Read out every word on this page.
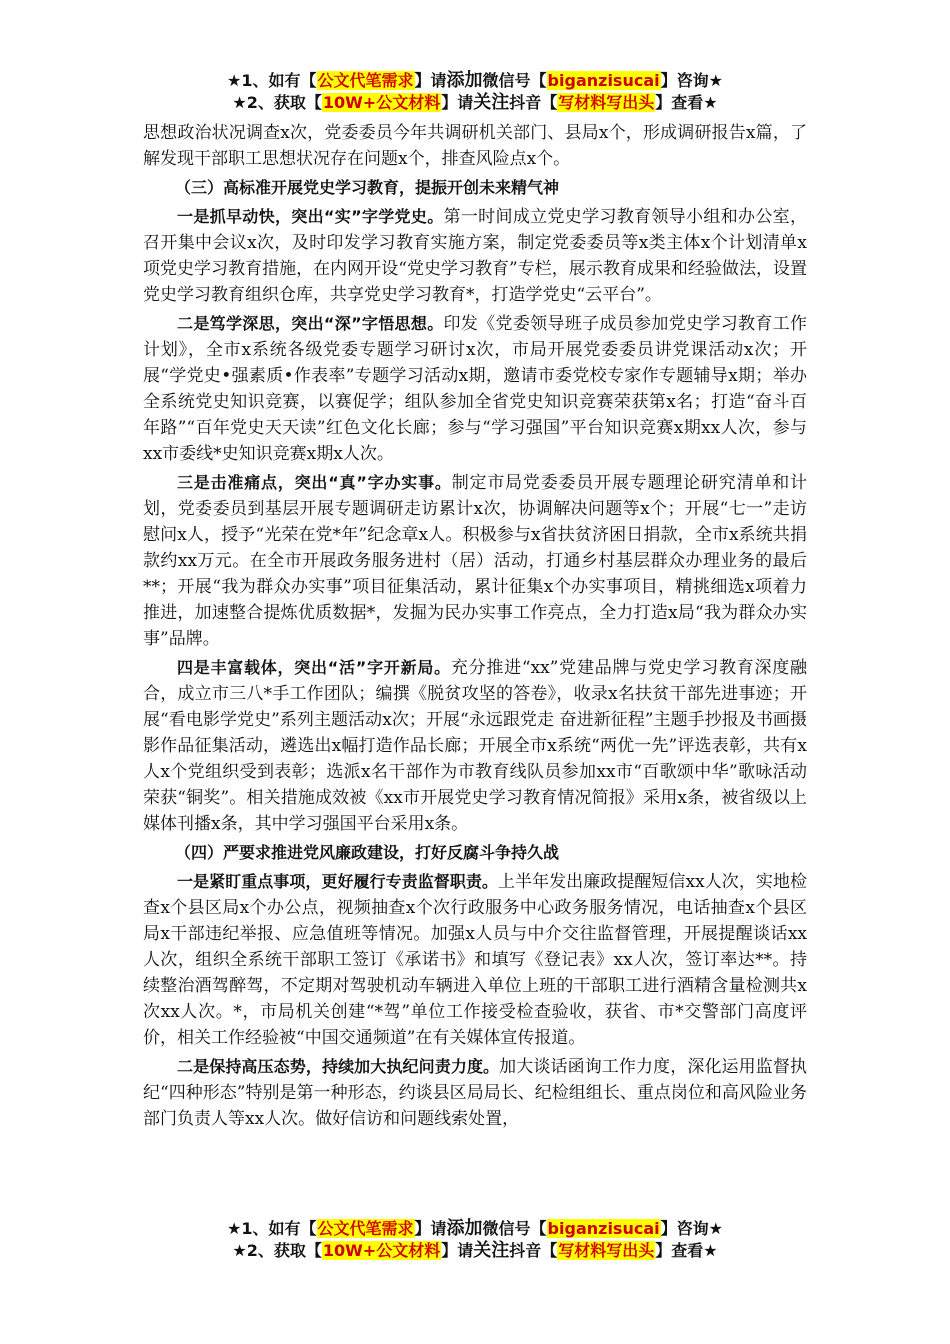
★1、如有【公文代笔需求】请添加微信号【biganzisucai】咨询★
★2、获取【10W+公文材料】请关注抖音【写材料写出头】查看★

思想政治状况调查x次，党委委员今年共调研机关部门、县局x个，形成调研报告x篇，了解发现干部职工思想状况存在问题x个，排查风险点x个。

（三）高标准开展党史学习教育，提振开创未来精气神

一是抓早动快，突出“实”字学党史。第一时间成立党史学习教育领导小组和办公室，召开集中会议x次，及时印发学习教育实施方案，制定党委委员等x类主体x个计划清单x项党史学习教育措施，在内网开设“党史学习教育”专栏，展示教育成果和经验做法，设置党史学习教育组织仓库，共享党史学习教育*，打造学党史“云平台”。

二是笃学深思，突出“深”字悟思想。印发《党委领导班子成员参加党史学习教育工作计划》，全市x系统各级党委专题学习研讨x次，市局开展党委委员讲党课活动x次；开展“学党史•强素质•作表率”专题学习活动x期，邀请市委党校专家作专题辅导x期；举办全系统党史知识竞赛，以赛促学；组队参加全省党史知识竞赛荣获第x名；打造“奋斗百年路”“百年党史天天读”红色文化长廊；参与“学习强国”平台知识竞赛x期xx人次，参与xx市委线*史知识竞赛x期x人次。

三是击准痛点，突出“真”字办实事。制定市局党委委员开展专题理论研究清单和计划，党委委员到基层开展专题调研走访累计x次，协调解决问题等x个；开展“七一”走访慰问x人，授予“光荣在党*年”纪念章x人。积极参与x省扶贫济困日捐款，全市x系统共捐款约xx万元。在全市开展政务服务进村（居）活动，打通乡村基层群众办理业务的最后**；开展“我为群众办实事”项目征集活动，累计征集x个办实事项目，精挑细选x项着力推进，加速整合提炼优质数据*，发掘为民办实事工作亮点，全力打造x局“我为群众办实事”品牌。

四是丰富载体，突出“活”字开新局。充分推进“xx”党建品牌与党史学习教育深度融合，成立市三八*手工作团队；编撰《脱贫攻坚的答卷》，收录x名扶贫干部先进事迹；开展“看电影学党史”系列主题活动x次；开展“永远跟党走 奋进新征程”主题手抄报及书画摄影作品征集活动，遴选出x幅打造作品长廊；开展全市x系统“两优一先”评选表彰，共有x人x个党组织受到表彰；选派x名干部作为市教育线队员参加xx市“百歌颂中华”歌咏活动荣获“铜奖”。相关措施成效被《xx市开展党史学习教育情况简报》采用x条，被省级以上媒体刊播x条，其中学习强国平台采用x条。

（四）严要求推进党风廉政建设，打好反腐斗争持久战

一是紧盯重点事项，更好履行专责监督职责。上半年发出廉政提醒短信xx人次，实地检查x个县区局x个办公点，视频抽查x个次行政服务中心政务服务情况，电话抽查x个县区局x干部违纪举报、应急值班等情况。加强x人员与中介交往监督管理，开展提醒谈话xx人次，组织全系统干部职工签订《承诺书》和填写《登记表》xx人次，签订率达**。持续整治酒驾醉驾，不定期对驾驶机动车辆进入单位上班的干部职工进行酒精含量检测共x次xx人次。*，市局机关创建“*驾”单位工作接受检查验收，获省、市*交警部门高度评价，相关工作经验被“中国交通频道”在有关媒体宣传报道。

二是保持高压态势，持续加大执纪问责力度。加大谈话函询工作力度，深化运用监督执纪“四种形态”特别是第一种形态，约谈县区局局长、纪检组组长、重点岗位和高风险业务部门负责人等xx人次。做好信访和问题线索处置，

★1、如有【公文代笔需求】请添加微信号【biganzisucai】咨询★
★2、获取【10W+公文材料】请关注抖音【写材料写出头】查看★
